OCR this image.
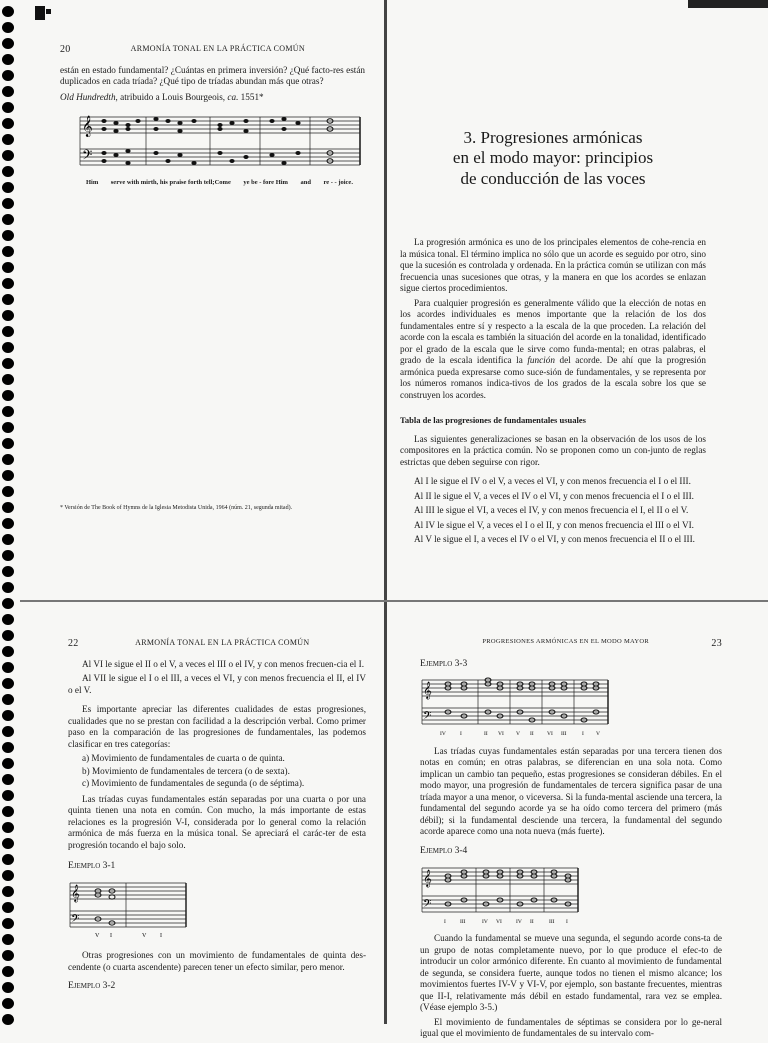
20	ARMONÍA TONAL EN LA PRÁCTICA COMÚN

están en estado fundamental? ¿Cuántas en primera inversión? ¿Qué facto-res están duplicados en cada tríada? ¿Qué tipo de tríadas abundan más que otras?

Old Hundredth, atribuido a Louis Bourgeois, ca. 1551*

𝄞
𝄢
Him serve with mirth, his praise forth tell;Come ye be - fore Him and re - - joice.
* Versión de The Book of Hymns de la Iglesia Metodista Unida, 1964 (núm. 21, segunda mitad).
3. Progresiones armónicas
en el modo mayor: principios
de conducción de las voces

La progresión armónica es uno de los principales elementos de cohe-rencia en la música tonal. El término implica no sólo que un acorde es seguido por otro, sino que la sucesión es controlada y ordenada. En la práctica común se utilizan con más frecuencia unas sucesiones que otras, y la manera en que los acordes se enlazan sigue ciertos procedimientos.

Para cualquier progresión es generalmente válido que la elección de notas en los acordes individuales es menos importante que la relación de los dos fundamentales entre sí y respecto a la escala de la que proceden. La relación del acorde con la escala es también la situación del acorde en la tonalidad, identificado por el grado de la escala que le sirve como funda-mental; en otras palabras, el grado de la escala identifica la función del acorde. De ahí que la progresión armónica pueda expresarse como suce-sión de fundamentales, y se representa por los números romanos indica-tivos de los grados de la escala sobre los que se construyen los acordes.

Tabla de las progresiones de fundamentales usuales

Las siguientes generalizaciones se basan en la observación de los usos de los compositores en la práctica común. No se proponen como un con-junto de reglas estrictas que deben seguirse con rigor.

Al I le sigue el IV o el V, a veces el VI, y con menos frecuencia el I o el III.

Al II le sigue el V, a veces el IV o el VI, y con menos frecuencia el I o el III.

Al III le sigue el VI, a veces el IV, y con menos frecuencia el I, el II o el V.

Al IV le sigue el V, a veces el I o el II, y con menos frecuencia el III o el VI.

Al V le sigue el I, a veces el IV o el VI, y con menos frecuencia el II o el III.

22	ARMONÍA TONAL EN LA PRÁCTICA COMÚN

Al VI le sigue el II o el V, a veces el III o el IV, y con menos frecuen-cia el I.

Al VII le sigue el I o el III, a veces el VI, y con menos frecuencia el II, el IV o el V.

Es importante apreciar las diferentes cualidades de estas progresiones, cualidades que no se prestan con facilidad a la descripción verbal. Como primer paso en la comparación de las progresiones de fundamentales, las podemos clasificar en tres categorías:

a) Movimiento de fundamentales de cuarta o de quinta.
b) Movimiento de fundamentales de tercera (o de sexta).
c) Movimiento de fundamentales de segunda (o de séptima).

Las tríadas cuyas fundamentales están separadas por una cuarta o por una quinta tienen una nota en común. Con mucho, la más importante de estas relaciones es la progresión V-I, considerada por lo general como la relación armónica de más fuerza en la música tonal. Se apreciará el carác-ter de esta progresión tocando el bajo solo.

Ejemplo 3-1
𝄞
𝄢
V I	V I

Otras progresiones con un movimiento de fundamentales de quinta des-cendente (o cuarta ascendente) parecen tener un efecto similar, pero menor.

Ejemplo 3-2
PROGRESIONES ARMÓNICAS EN EL MODO MAYOR	23
Ejemplo 3-3
𝄞
𝄢
IV	I	II VI V II VI III	I V

Las tríadas cuyas fundamentales están separadas por una tercera tienen dos notas en común; en otras palabras, se diferencian en una sola nota. Como implican un cambio tan pequeño, estas progresiones se consideran débiles. En el modo mayor, una progresión de fundamentales de tercera significa pasar de una tríada mayor a una menor, o viceversa. Si la funda-mental asciende una tercera, la fundamental del segundo acorde ya se ha oído como tercera del primero (más débil); si la fundamental desciende una tercera, la fundamental del segundo acorde aparece como una nota nueva (más fuerte).

Ejemplo 3-4
𝄞
𝄢
I	III	IV VI	IV II	III I

Cuando la fundamental se mueve una segunda, el segundo acorde cons-ta de un grupo de notas completamente nuevo, por lo que produce el efec-to de introducir un color armónico diferente. En cuanto al movimiento de fundamental de segunda, se considera fuerte, aunque todos no tienen el mismo alcance; los movimientos fuertes IV-V y VI-V, por ejemplo, son bastante frecuentes, mientras que II-I, relativamente más débil en estado fundamental, rara vez se emplea. (Véase ejemplo 3-5.)

El movimiento de fundamentales de séptimas se considera por lo ge-neral igual que el movimiento de fundamentales de su intervalo com-
